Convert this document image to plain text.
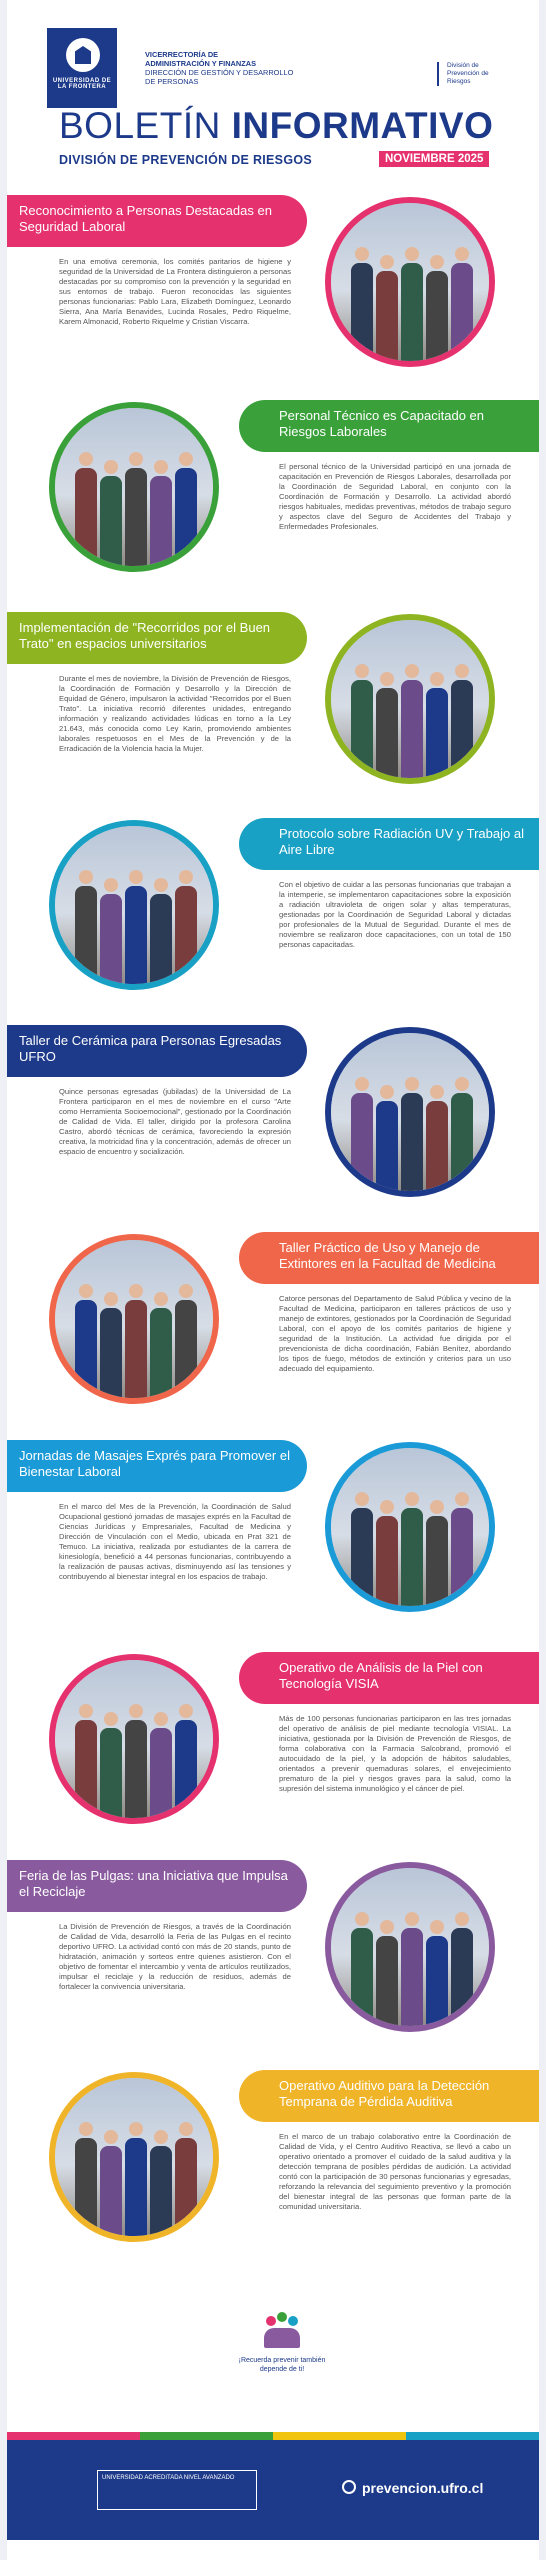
UNIVERSIDAD DE LA FRONTERA
VICERRECTORÍA DE
ADMINISTRACIÓN Y FINANZAS
DIRECCIÓN DE GESTIÓN Y DESARROLLO
DE PERSONAS
División de
Prevención de
Riesgos
BOLETÍN INFORMATIVO
DIVISIÓN DE PREVENCIÓN DE RIESGOS	NOVIEMBRE 2025
Reconocimiento a Personas Destacadas en Seguridad Laboral
En una emotiva ceremonia, los comités paritarios de higiene y seguridad de la Universidad de La Frontera distinguieron a personas destacadas por su compromiso con la prevención y la seguridad en sus entornos de trabajo. Fueron reconocidas las siguientes personas funcionarias: Pablo Lara, Elizabeth Domínguez, Leonardo Sierra, Ana María Benavides, Lucinda Rosales, Pedro Riquelme, Karem Almonacid, Roberto Riquelme y Cristian Viscarra.
Personal Técnico es Capacitado en Riesgos Laborales
El personal técnico de la Universidad participó en una jornada de capacitación en Prevención de Riesgos Laborales, desarrollada por la Coordinación de Seguridad Laboral, en conjunto con la Coordinación de Formación y Desarrollo. La actividad abordó riesgos habituales, medidas preventivas, métodos de trabajo seguro y aspectos clave del Seguro de Accidentes del Trabajo y Enfermedades Profesionales.
Implementación de "Recorridos por el Buen Trato" en espacios universitarios
Durante el mes de noviembre, la División de Prevención de Riesgos, la Coordinación de Formación y Desarrollo y la Dirección de Equidad de Género, impulsaron la actividad "Recorridos por el Buen Trato". La iniciativa recorrió diferentes unidades, entregando información y realizando actividades lúdicas en torno a la Ley 21.643, más conocida como Ley Karin, promoviendo ambientes laborales respetuosos en el Mes de la Prevención y de la Erradicación de la Violencia hacia la Mujer.
Protocolo sobre Radiación UV y Trabajo al Aire Libre
Con el objetivo de cuidar a las personas funcionarias que trabajan a la intemperie, se implementaron capacitaciones sobre la exposición a radiación ultravioleta de origen solar y altas temperaturas, gestionadas por la Coordinación de Seguridad Laboral y dictadas por profesionales de la Mutual de Seguridad. Durante el mes de noviembre se realizaron doce capacitaciones, con un total de 150 personas capacitadas.
Taller de Cerámica para Personas Egresadas UFRO
Quince personas egresadas (jubiladas) de la Universidad de La Frontera participaron en el mes de noviembre en el curso "Arte como Herramienta Socioemocional", gestionado por la Coordinación de Calidad de Vida. El taller, dirigido por la profesora Carolina Castro, abordó técnicas de cerámica, favoreciendo la expresión creativa, la motricidad fina y la concentración, además de ofrecer un espacio de encuentro y socialización.
Taller Práctico de Uso y Manejo de Extintores en la Facultad de Medicina
Catorce personas del Departamento de Salud Pública y vecino de la Facultad de Medicina, participaron en talleres prácticos de uso y manejo de extintores, gestionados por la Coordinación de Seguridad Laboral, con el apoyo de los comités paritarios de higiene y seguridad de la Institución. La actividad fue dirigida por el prevencionista de dicha coordinación, Fabián Benítez, abordando los tipos de fuego, métodos de extinción y criterios para un uso adecuado del equipamiento.
Jornadas de Masajes Exprés para Promover el Bienestar Laboral
En el marco del Mes de la Prevención, la Coordinación de Salud Ocupacional gestionó jornadas de masajes exprés en la Facultad de Ciencias Jurídicas y Empresariales, Facultad de Medicina y Dirección de Vinculación con el Medio, ubicada en Prat 321 de Temuco. La iniciativa, realizada por estudiantes de la carrera de kinesiología, benefició a 44 personas funcionarias, contribuyendo a la realización de pausas activas, disminuyendo así las tensiones y contribuyendo al bienestar integral en los espacios de trabajo.
Operativo de Análisis de la Piel con Tecnología VISIA
Más de 100 personas funcionarias participaron en las tres jornadas del operativo de análisis de piel mediante tecnología VISIAL. La iniciativa, gestionada por la División de Prevención de Riesgos, de forma colaborativa con la Farmacia Salcobrand, promovió el autocuidado de la piel, y la adopción de hábitos saludables, orientados a prevenir quemaduras solares, el envejecimiento prematuro de la piel y riesgos graves para la salud, como la supresión del sistema inmunológico y el cáncer de piel.
Feria de las Pulgas: una Iniciativa que Impulsa el Reciclaje
La División de Prevención de Riesgos, a través de la Coordinación de Calidad de Vida, desarrolló la Feria de las Pulgas en el recinto deportivo UFRO. La actividad contó con más de 20 stands, punto de hidratación, animación y sorteos entre quienes asistieron. Con el objetivo de fomentar el intercambio y venta de artículos reutilizados, impulsar el reciclaje y la reducción de residuos, además de fortalecer la convivencia universitaria.
Operativo Auditivo para la Detección Temprana de Pérdida Auditiva
En el marco de un trabajo colaborativo entre la Coordinación de Calidad de Vida, y el Centro Auditivo Reactiva, se llevó a cabo un operativo orientado a promover el cuidado de la salud auditiva y la detección temprana de posibles pérdidas de audición. La actividad contó con la participación de 30 personas funcionarias y egresadas, reforzando la relevancia del seguimiento preventivo y la promoción del bienestar integral de las personas que forman parte de la comunidad universitaria.
¡Recuerda prevenir también depende de ti!
UNIVERSIDAD ACREDITADA NIVEL AVANZADO
prevencion.ufro.cl
